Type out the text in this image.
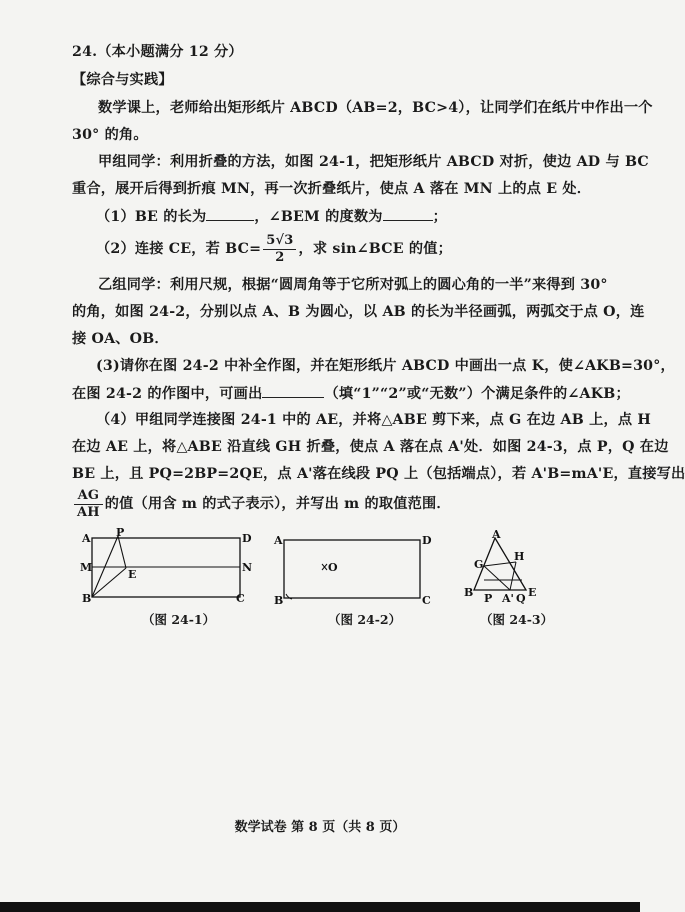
24.（本小题满分 12 分）
【综合与实践】
数学课上，老师给出矩形纸片 ABCD（AB=2，BC>4），让同学们在纸片中作出一个
30° 的角。
甲组同学：利用折叠的方法，如图 24-1，把矩形纸片 ABCD 对折，使边 AD 与 BC
重合，展开后得到折痕 MN，再一次折叠纸片，使点 A 落在 MN 上的点 E 处．
（1）BE 的长为	，∠BEM 的度数为	；
（2）连接 CE，若 $BC= \frac{5√3}{2}$ ，求 sin∠BCE 的值；
乙组同学：利用尺规，根据“圆周角等于它所对弧上的圆心角的一半”来得到 30°
的角，如图 24-2，分别以点 A、B 为圆心，以 AB 的长为半径画弧，两弧交于点 O，连
接 OA、OB．
(3)请你在图 24-2 中补全作图，并在矩形纸片 ABCD 中画出一点 K，使∠AKB=30°，
在图 24-2 的作图中，可画出	（填“1”“2”或“无数”）个满足条件的∠AKB；
（4）甲组同学连接图 24-1 中的 AE，并将△ABE 剪下来，点 G 在边 AB 上，点 H
在边 AE 上，将△ABE 沿直线 GH 折叠，使点 A 落在点 A'处．如图 24-3，点 P，Q 在边
BE 上，且 PQ=2BP=2QE，点 A'落在线段 PQ 上（包括端点），若 A'B=mA'E，直接写出
$\frac{AG}{AH}$ 的值（用含 m 的式子表示），并写出 m 的取值范围．
A P	D
M
E
N
B	C
（图 24-1）
A	D
O
B	C
（图 24-2）
A
H
G
B P A' Q E
（图 24-3）
数学试卷 第 8 页（共 8 页）
